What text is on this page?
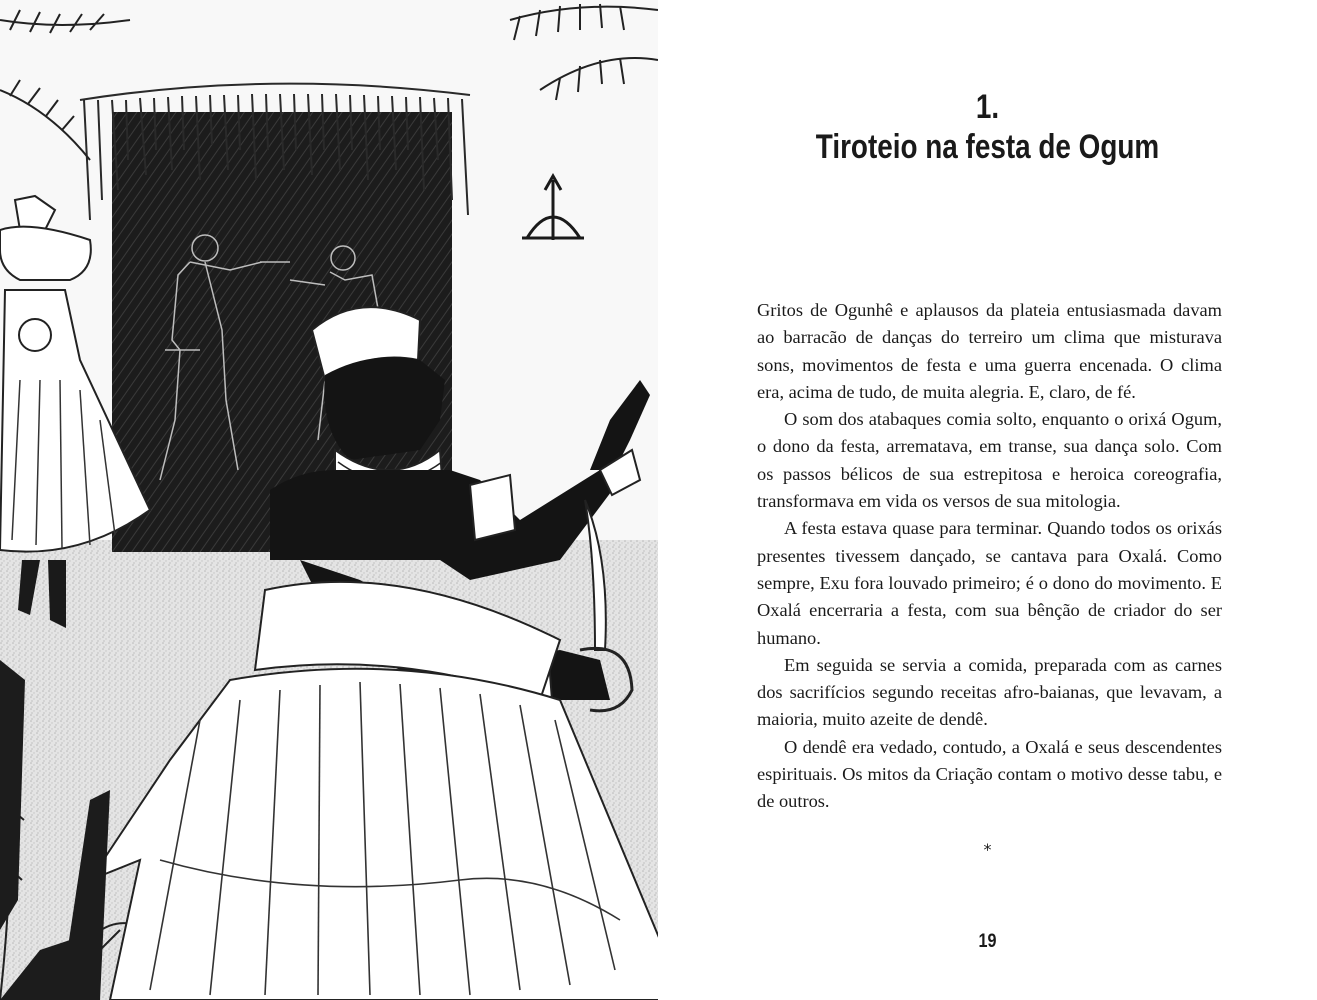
1.
Tiroteio na festa de Ogum

Gritos de Ogunhê e aplausos da plateia entusiasmada davam ao barracão de danças do terreiro um clima que misturava sons, movimentos de festa e uma guerra encenada. O clima era, acima de tudo, de muita alegria. E, claro, de fé.

O som dos atabaques comia solto, enquanto o orixá Ogum, o dono da festa, arrematava, em transe, sua dança solo. Com os passos bélicos de sua estrepitosa e heroica coreografia, transformava em vida os versos de sua mitologia.

A festa estava quase para terminar. Quando todos os orixás presentes tivessem dançado, se cantava para Oxalá. Como sempre, Exu fora louvado primeiro; é o dono do movimento. E Oxalá encerraria a festa, com sua bênção de criador do ser humano.

Em seguida se servia a comida, preparada com as carnes dos sacrifícios segundo receitas afro-baianas, que levavam, a maioria, muito azeite de dendê.

O dendê era vedado, contudo, a Oxalá e seus descendentes espirituais. Os mitos da Criação contam o motivo desse tabu, e de outros.

*
19
